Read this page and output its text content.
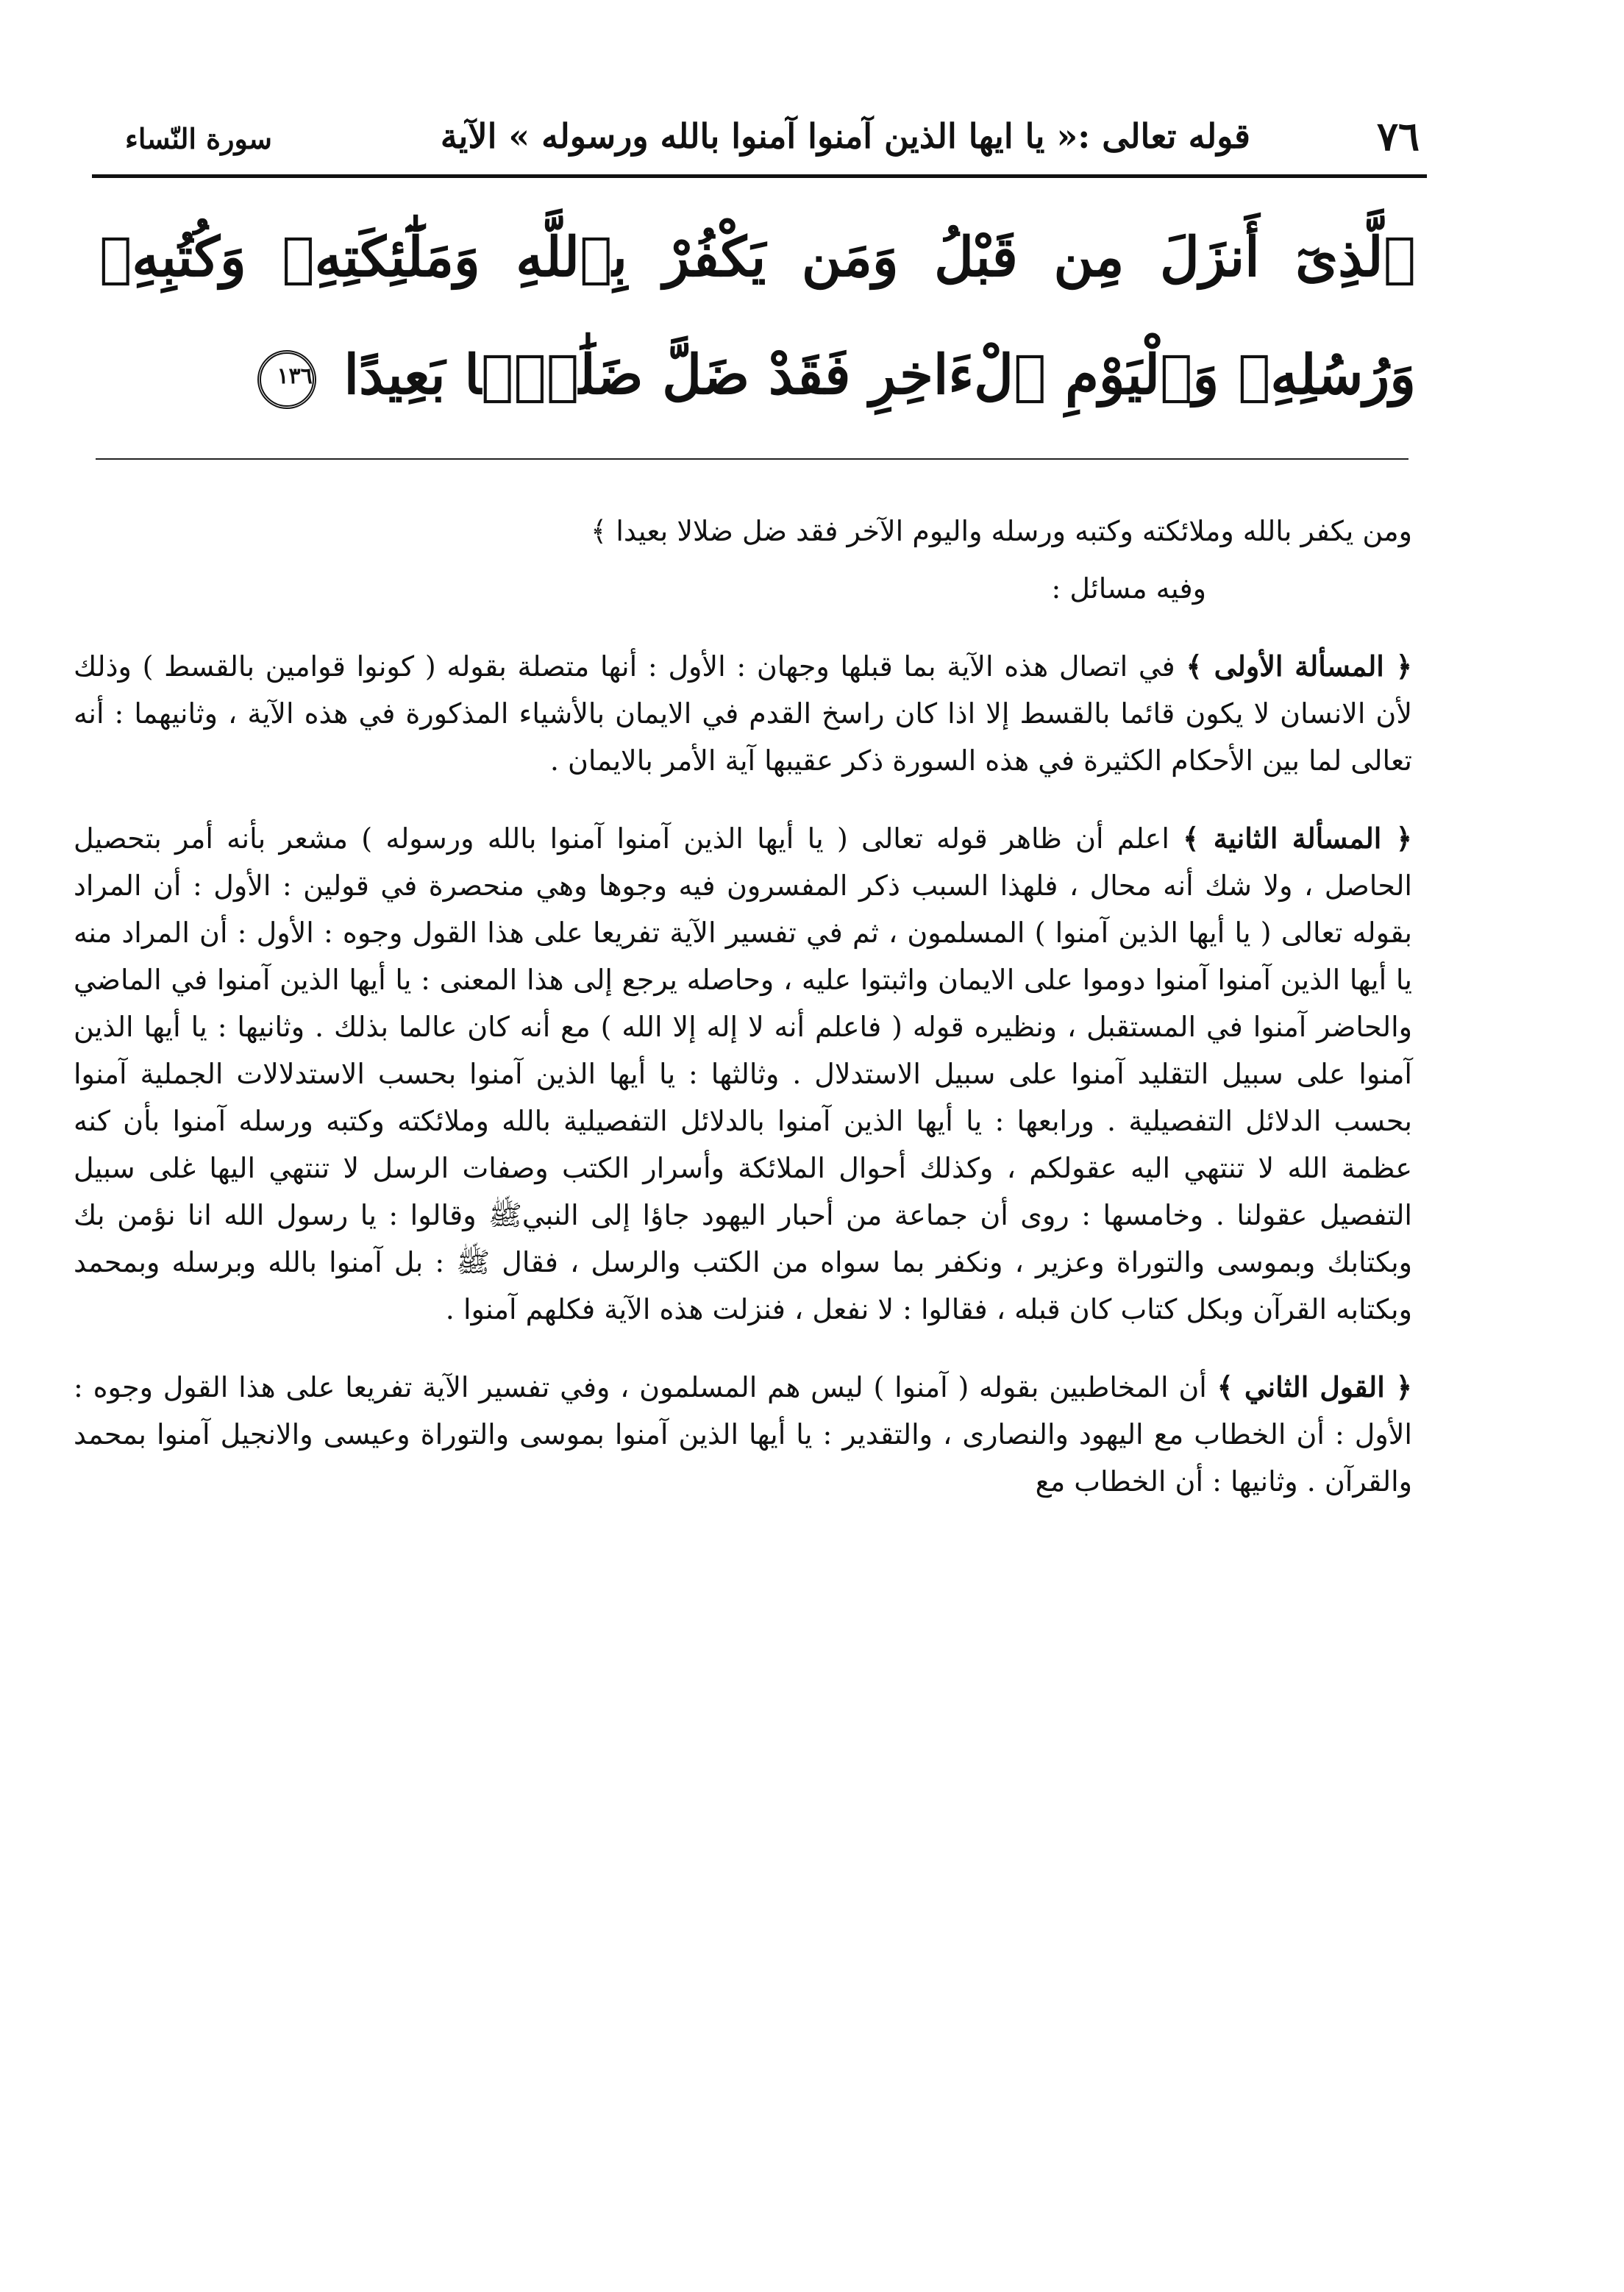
٧٦
قوله تعالى :« يا ايها الذين آمنوا آمنوا بالله ورسوله » الآية
سورة النّساء
ٱلَّذِىٓ أَنزَلَ مِن قَبْلُ وَمَن يَكْفُرْ بِٱللَّهِ وَمَلَٰٓئِكَتِهِۦ وَكُتُبِهِۦ وَرُسُلِهِۦ وَٱلْيَوْمِ ٱلْءَاخِرِ فَقَدْ ضَلَّ ضَلَٰلًۢا بَعِيدًا ١٣٦

ومن يكفر بالله وملائكته وكتبه ورسله واليوم الآخر فقد ضل ضلالا بعيدا ﴾

وفيه مسائل :

﴿ المسألة الأولى ﴾ في اتصال هذه الآية بما قبلها وجهان : الأول : أنها متصلة بقوله ( كونوا قوامين بالقسط ) وذلك لأن الانسان لا يكون قائما بالقسط إلا اذا كان راسخ القدم في الايمان بالأشياء المذكورة في هذه الآية ، وثانيهما : أنه تعالى لما بين الأحكام الكثيرة في هذه السورة ذكر عقيبها آية الأمر بالايمان .

﴿ المسألة الثانية ﴾ اعلم أن ظاهر قوله تعالى ( يا أيها الذين آمنوا آمنوا بالله ورسوله ) مشعر بأنه أمر بتحصيل الحاصل ، ولا شك أنه محال ، فلهذا السبب ذكر المفسرون فيه وجوها وهي منحصرة في قولين : الأول : أن المراد بقوله تعالى ( يا أيها الذين آمنوا ) المسلمون ، ثم في تفسير الآية تفريعا على هذا القول وجوه : الأول : أن المراد منه يا أيها الذين آمنوا آمنوا دوموا على الايمان واثبتوا عليه ، وحاصله يرجع إلى هذا المعنى : يا أيها الذين آمنوا في الماضي والحاضر آمنوا في المستقبل ، ونظيره قوله ( فاعلم أنه لا إله إلا الله ) مع أنه كان عالما بذلك . وثانيها : يا أيها الذين آمنوا على سبيل التقليد آمنوا على سبيل الاستدلال . وثالثها : يا أيها الذين آمنوا بحسب الاستدلالات الجملية آمنوا بحسب الدلائل التفصيلية . ورابعها : يا أيها الذين آمنوا بالدلائل التفصيلية بالله وملائكته وكتبه ورسله آمنوا بأن كنه عظمة الله لا تنتهي اليه عقولكم ، وكذلك أحوال الملائكة وأسرار الكتب وصفات الرسل لا تنتهي اليها غلى سبيل التفصيل عقولنا . وخامسها : روى أن جماعة من أحبار اليهود جاؤا إلى النبيﷺ وقالوا : يا رسول الله انا نؤمن بك وبكتابك وبموسى والتوراة وعزير ، ونكفر بما سواه من الكتب والرسل ، فقال ﷺ : بل آمنوا بالله وبرسله وبمحمد وبكتابه القرآن وبكل كتاب كان قبله ، فقالوا : لا نفعل ، فنزلت هذه الآية فكلهم آمنوا .

﴿ القول الثاني ﴾ أن المخاطبين بقوله ( آمنوا ) ليس هم المسلمون ، وفي تفسير الآية تفريعا على هذا القول وجوه : الأول : أن الخطاب مع اليهود والنصارى ، والتقدير : يا أيها الذين آمنوا بموسى والتوراة وعيسى والانجيل آمنوا بمحمد والقرآن . وثانيها : أن الخطاب مع
